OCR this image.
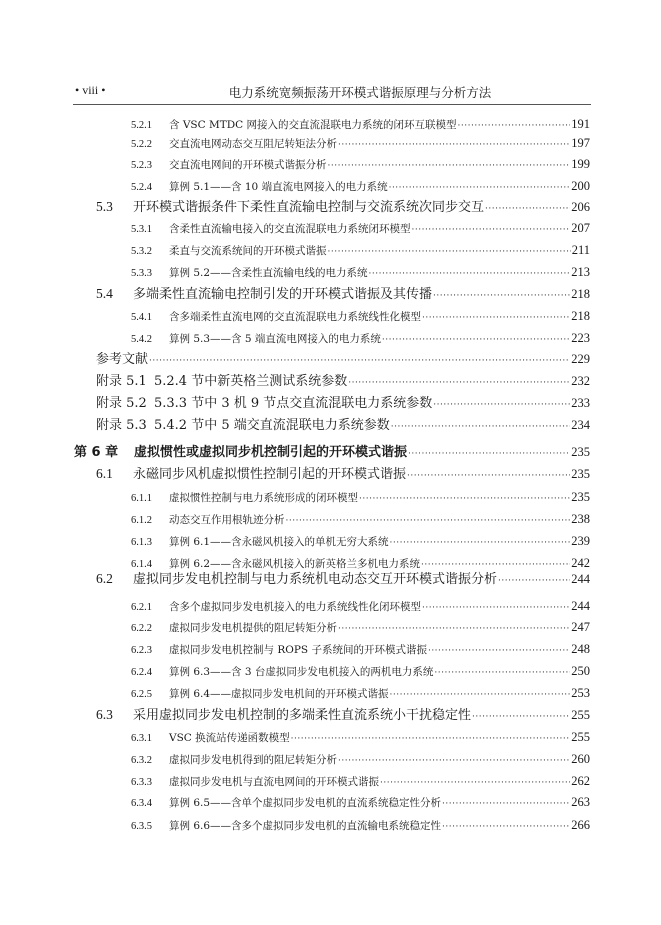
• viii •	电力系统宽频振荡开环模式谐振原理与分析方法
5.2.1	含 VSC MTDC 网接入的交直流混联电力系统的闭环互联模型 ·····	191
5.2.2	交直流电网动态交互阻尼转矩法分析 ·····	197
5.2.3	交直流电网间的开环模式谐振分析 ·····	199
5.2.4	算例 5.1——含 10 端直流电网接入的电力系统 ·····	200
5.3	开环模式谐振条件下柔性直流输电控制与交流系统次同步交互 ·····	206
5.3.1	含柔性直流输电接入的交直流混联电力系统闭环模型 ·····	207
5.3.2	柔直与交流系统间的开环模式谐振 ·····	211
5.3.3	算例 5.2——含柔性直流输电线的电力系统 ·····	213
5.4	多端柔性直流输电控制引发的开环模式谐振及其传播 ·····	218
5.4.1	含多端柔性直流电网的交直流混联电力系统线性化模型 ·····	218
5.4.2	算例 5.3——含 5 端直流电网接入的电力系统 ·····	223
参考文献 ·····	229
附录 5.1 5.2.4 节中新英格兰测试系统参数 ·····	232
附录 5.2 5.3.3 节中 3 机 9 节点交直流混联电力系统参数 ·····	233
附录 5.3 5.4.2 节中 5 端交直流混联电力系统参数 ·····	234
第 6 章	虚拟惯性或虚拟同步机控制引起的开环模式谐振 ·····	235
6.1	永磁同步风机虚拟惯性控制引起的开环模式谐振 ·····	235
6.1.1	虚拟惯性控制与电力系统形成的闭环模型 ·····	235
6.1.2	动态交互作用根轨迹分析 ·····	238
6.1.3	算例 6.1——含永磁风机接入的单机无穷大系统 ·····	239
6.1.4	算例 6.2——含永磁风机接入的新英格兰多机电力系统 ·····	242
6.2	虚拟同步发电机控制与电力系统机电动态交互开环模式谐振分析 ·····	244
6.2.1	含多个虚拟同步发电机接入的电力系统线性化闭环模型 ·····	244
6.2.2	虚拟同步发电机提供的阻尼转矩分析 ·····	247
6.2.3	虚拟同步发电机控制与 ROPS 子系统间的开环模式谐振 ·····	248
6.2.4	算例 6.3——含 3 台虚拟同步发电机接入的两机电力系统 ·····	250
6.2.5	算例 6.4——虚拟同步发电机间的开环模式谐振 ·····	253
6.3	采用虚拟同步发电机控制的多端柔性直流系统小干扰稳定性 ·····	255
6.3.1	VSC 换流站传递函数模型 ·····	255
6.3.2	虚拟同步发电机得到的阻尼转矩分析 ·····	260
6.3.3	虚拟同步发电机与直流电网间的开环模式谐振 ·····	262
6.3.4	算例 6.5——含单个虚拟同步发电机的直流系统稳定性分析 ·····	263
6.3.5	算例 6.6——含多个虚拟同步发电机的直流输电系统稳定性 ·····	266
